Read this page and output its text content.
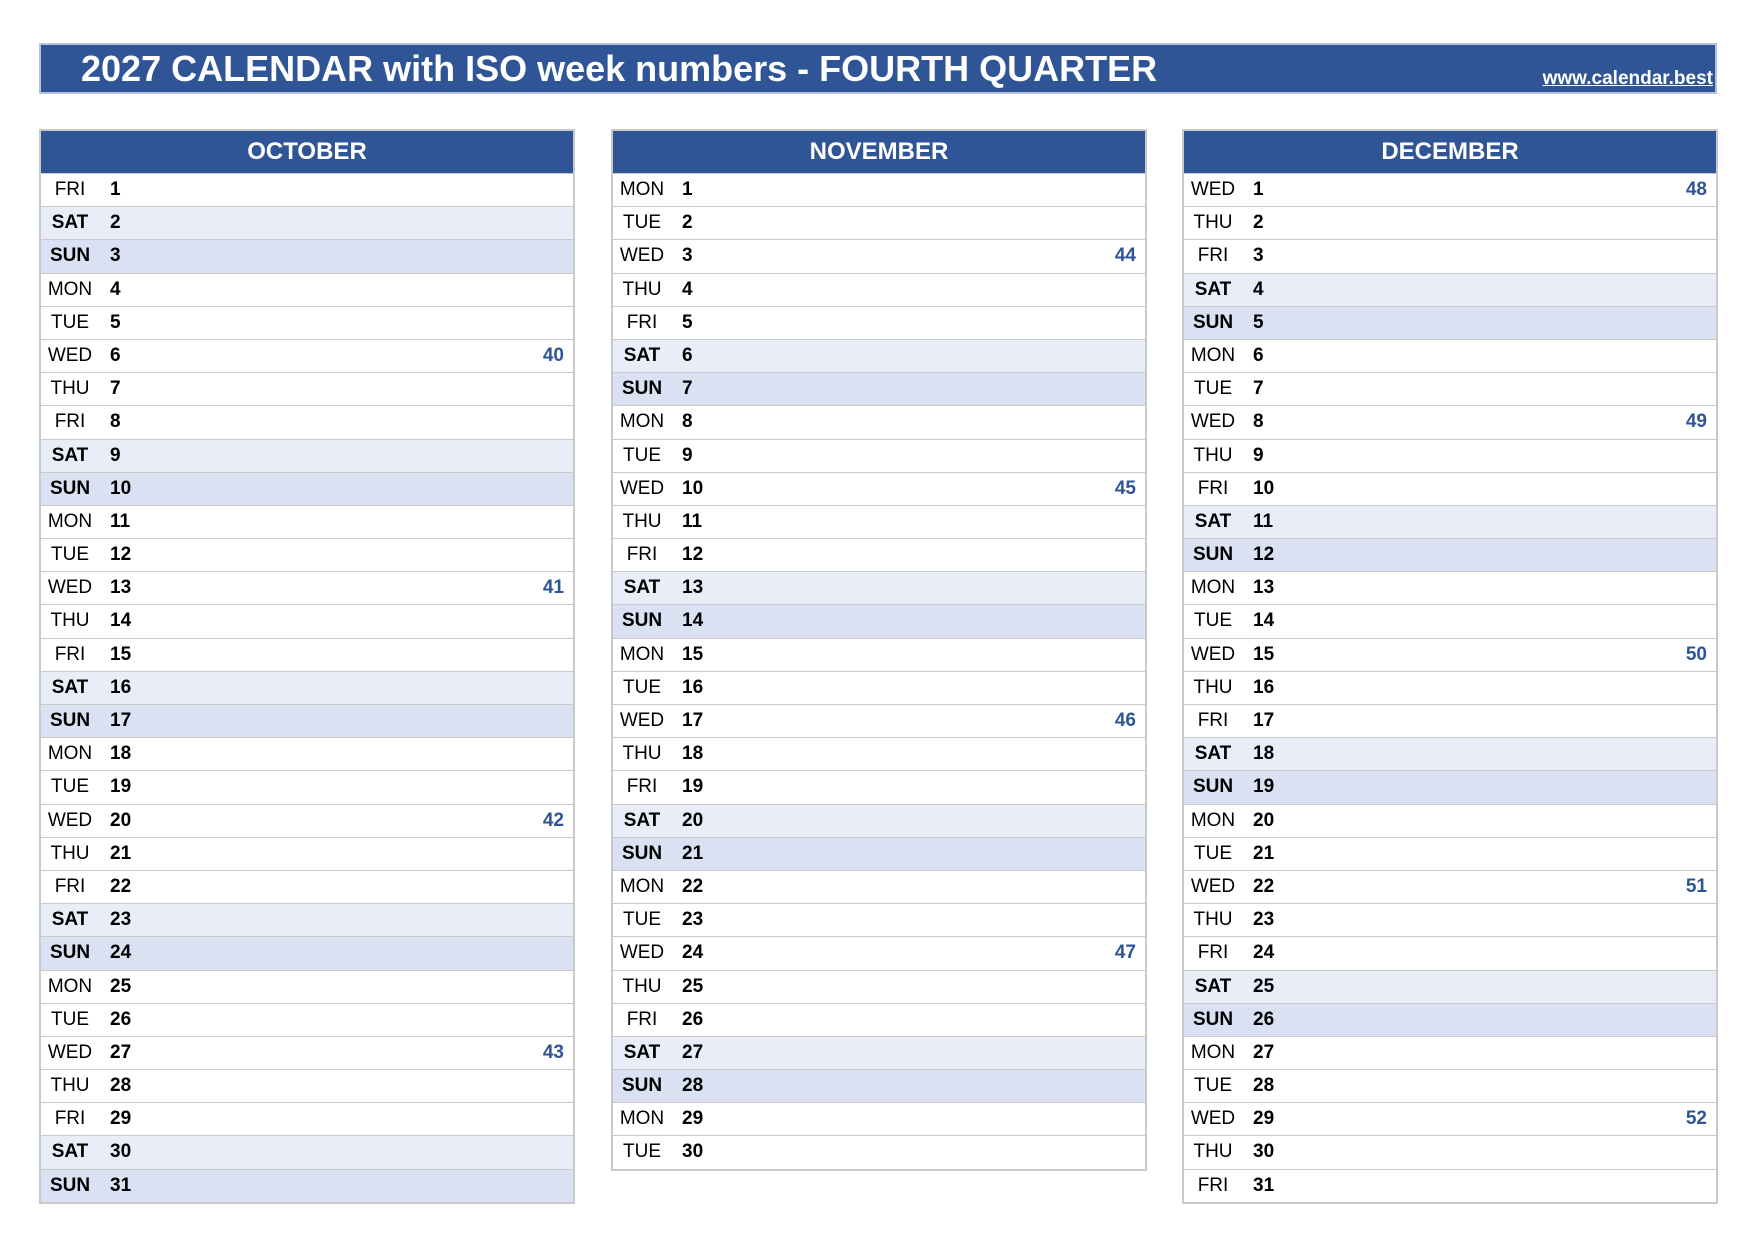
2027 CALENDAR with ISO week numbers - FOURTH QUARTER	www.calendar.best
OCTOBER
FRI	1
SAT	2
SUN	3
MON 4
TUE	5
WED 6	40
THU	7
FRI	8
SAT	9
SUN	10
MON 11
TUE	12
WED 13	41
THU	14
FRI	15
SAT	16
SUN	17
MON 18
TUE	19
WED 20	42
THU	21
FRI	22
SAT	23
SUN	24
MON 25
TUE	26
WED 27	43
THU	28
FRI	29
SAT	30
SUN	31
NOVEMBER
MON 1
TUE	2
WED 3	44
THU	4
FRI	5
SAT	6
SUN	7
MON 8
TUE	9
WED 10	45
THU	11
FRI	12
SAT	13
SUN	14
MON 15
TUE	16
WED 17	46
THU	18
FRI	19
SAT	20
SUN	21
MON 22
TUE	23
WED 24	47
THU	25
FRI	26
SAT	27
SUN	28
MON 29
TUE	30
DECEMBER
WED 1	48
THU	2
FRI	3
SAT	4
SUN	5
MON 6
TUE	7
WED 8	49
THU	9
FRI	10
SAT	11
SUN	12
MON 13
TUE	14
WED 15	50
THU	16
FRI	17
SAT	18
SUN	19
MON 20
TUE	21
WED 22	51
THU	23
FRI	24
SAT	25
SUN	26
MON 27
TUE	28
WED 29	52
THU	30
FRI	31
